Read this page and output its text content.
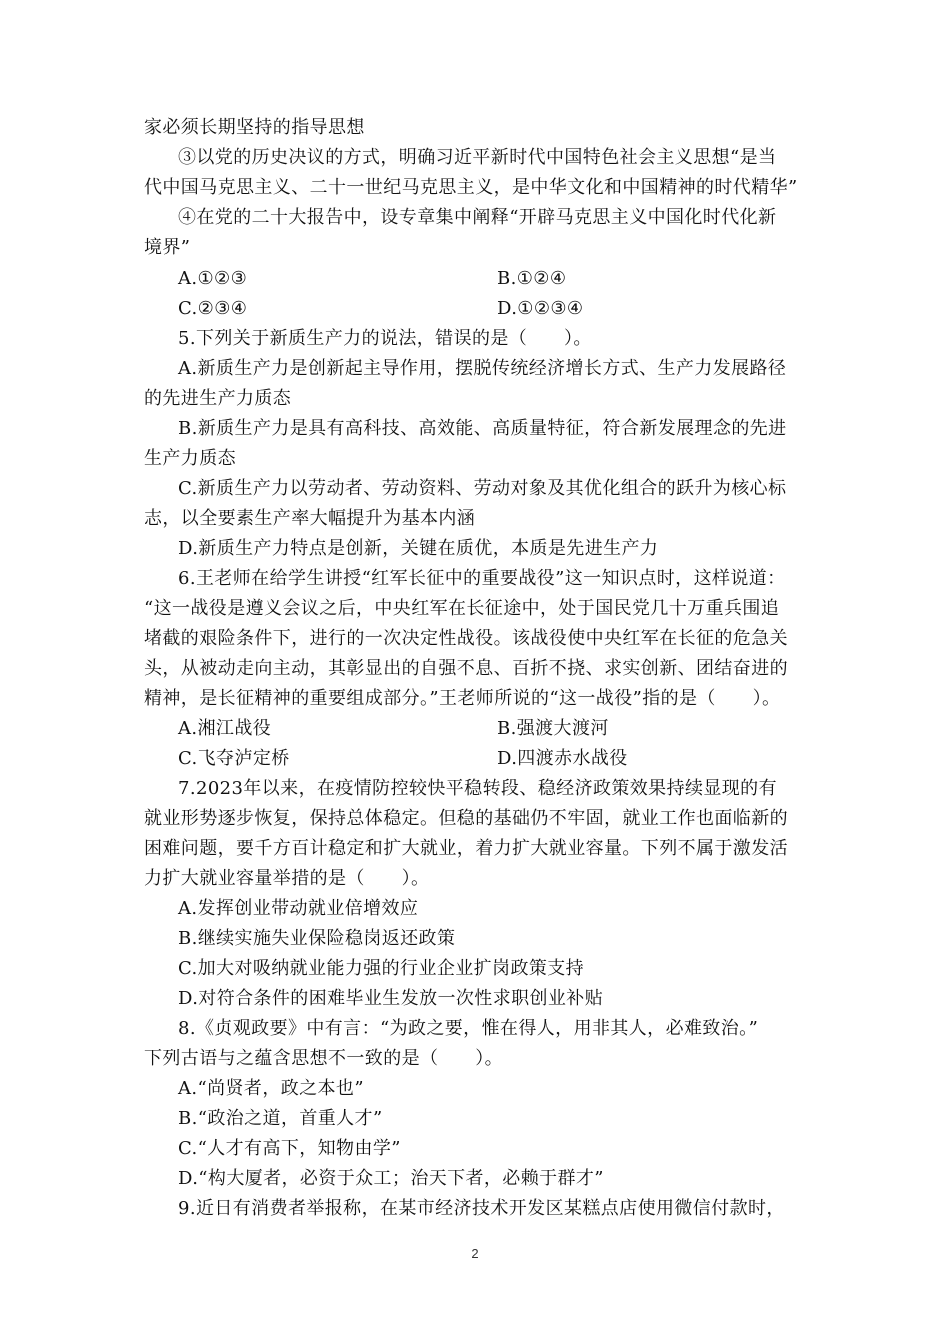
家必须长期坚持的指导思想
③以党的历史决议的方式，明确习近平新时代中国特色社会主义思想“是当
代中国马克思主义、二十一世纪马克思主义，是中华文化和中国精神的时代精华”
④在党的二十大报告中，设专章集中阐释“开辟马克思主义中国化时代化新
境界”
A.①②③	B.①②④
C.②③④	D.①②③④
5.下列关于新质生产力的说法，错误的是（　　）。
A.新质生产力是创新起主导作用，摆脱传统经济增长方式、生产力发展路径
的先进生产力质态
B.新质生产力是具有高科技、高效能、高质量特征，符合新发展理念的先进
生产力质态
C.新质生产力以劳动者、劳动资料、劳动对象及其优化组合的跃升为核心标
志，以全要素生产率大幅提升为基本内涵
D.新质生产力特点是创新，关键在质优，本质是先进生产力
6.王老师在给学生讲授“红军长征中的重要战役”这一知识点时，这样说道：
“这一战役是遵义会议之后，中央红军在长征途中，处于国民党几十万重兵围追
堵截的艰险条件下，进行的一次决定性战役。该战役使中央红军在长征的危急关
头，从被动走向主动，其彰显出的自强不息、百折不挠、求实创新、团结奋进的
精神，是长征精神的重要组成部分。”王老师所说的“这一战役”指的是（　　）。
A.湘江战役	B.强渡大渡河
C.飞夺泸定桥	D.四渡赤水战役
7.2023年以来，在疫情防控较快平稳转段、稳经济政策效果持续显现的有
就业形势逐步恢复，保持总体稳定。但稳的基础仍不牢固，就业工作也面临新的
困难问题，要千方百计稳定和扩大就业，着力扩大就业容量。下列不属于激发活
力扩大就业容量举措的是（　　）。
A.发挥创业带动就业倍增效应
B.继续实施失业保险稳岗返还政策
C.加大对吸纳就业能力强的行业企业扩岗政策支持
D.对符合条件的困难毕业生发放一次性求职创业补贴
8.《贞观政要》中有言：“为政之要，惟在得人，用非其人，必难致治。”
下列古语与之蕴含思想不一致的是（　　）。
A.“尚贤者，政之本也”
B.“政治之道，首重人才”
C.“人才有高下，知物由学”
D.“构大厦者，必资于众工；治天下者，必赖于群才”
9.近日有消费者举报称，在某市经济技术开发区某糕点店使用微信付款时，
2
